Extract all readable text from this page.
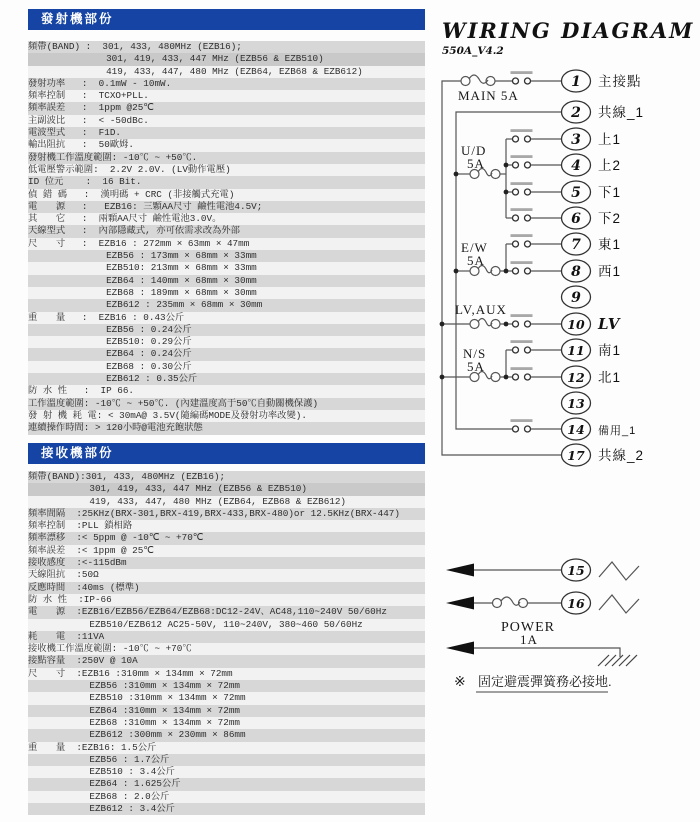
發射機部份
頻帶(BAND) :  301, 433, 480MHz (EZB16);
301, 419, 433, 447 MHz (EZB56 & EZB510)
419, 433, 447, 480 MHz (EZB64, EZB68 & EZB612)
發射功率   :  0.1mW - 10mW.
頻率控制   :  TCXO+PLL.
頻率誤差   :  1ppm @25℃
主副波比   :  < -50dBc.
電波型式   :  F1D.
輸出阻抗   :  50歐姆.
發射機工作溫度範圍: -10℃ ~ +50℃.
低電壓警示範圍:  2.2V 2.0V. (LV動作電壓)
ID 位元    :  16 Bit.
偵 錯 碼   :  漢明碼 + CRC (非接觸式充電)
電　　源   :   EZB16: 三顆AA尺寸 鹼性電池4.5V;
其　　它   :  兩顆AA尺寸 鹼性電池3.0V。
天線型式   :  內部隱藏式, 亦可依需求改為外部
尺　　寸   :  EZB16 : 272mm × 63mm × 47mm
EZB56 : 173mm × 68mm × 33mm
EZB510: 213mm × 68mm × 33mm
EZB64 : 140mm × 68mm × 30mm
EZB68 : 189mm × 68mm × 30mm
EZB612 : 235mm × 68mm × 30mm
重　　量   :  EZB16 : 0.43公斤
EZB56 : 0.24公斤
EZB510: 0.29公斤
EZB64 : 0.24公斤
EZB68 : 0.30公斤
EZB612 : 0.35公斤
防 水 性   :  IP 66.
工作溫度範圍: -10℃ ~ +50℃. (內建溫度高于50℃自動關機保護)
發 射 機 耗 電: < 30mA@ 3.5V(隨編碼MODE及發射功率改變).
連續操作時間: > 120小時@電池充飽狀態
接收機部份
頻帶(BAND):301, 433, 480MHz (EZB16);
301, 419, 433, 447 MHz (EZB56 & EZB510)
419, 433, 447, 480 MHz (EZB64, EZB68 & EZB612)
頻率間隔  :25KHz(BRX-301,BRX-419,BRX-433,BRX-480)or 12.5KHz(BRX-447)
頻率控制  :PLL 鎖相路
頻率漂移  :< 5ppm @ -10℃ ~ +70℃
頻率誤差  :< 1ppm @ 25℃
接收感度  :<-115dBm
天線阻抗  :50Ω
反應時間  :40ms (標準)
防 水 性  :IP-66
電　　源  :EZB16/EZB56/EZB64/EZB68:DC12-24V、AC48,110~240V 50/60Hz
EZB510/EZB612 AC25-50V, 110~240V, 380~460 50/60Hz
耗　　電  :11VA
接收機工作溫度範圍: -10℃ ~ +70℃
接點容量  :250V @ 10A
尺　　寸  :EZB16 :310mm × 134mm × 72mm
EZB56 :310mm × 134mm × 72mm
EZB510 :310mm × 134mm × 72mm
EZB64 :310mm × 134mm × 72mm
EZB68 :310mm × 134mm × 72mm
EZB612 :300mm × 230mm × 86mm
重　　量  :EZB16: 1.5公斤
EZB56 : 1.7公斤
EZB510 : 3.4公斤
EZB64 : 1.625公斤
EZB68 : 2.0公斤
EZB612 : 3.4公斤
WIRING DIAGRAM
550A_V4.2
MAIN 5A
U/D
5A
E/W
5A
LV,AUX
N/S
5A
POWER
1A
1 主接點
2 共線_1
3 上1
4 上2
5 下1
6 下2
7 東1
8 西1
9
10 LV
11 南1
12 北1
13
14 備用_1
17 共線_2
15
16
※ 固定避震彈簧務必接地.
